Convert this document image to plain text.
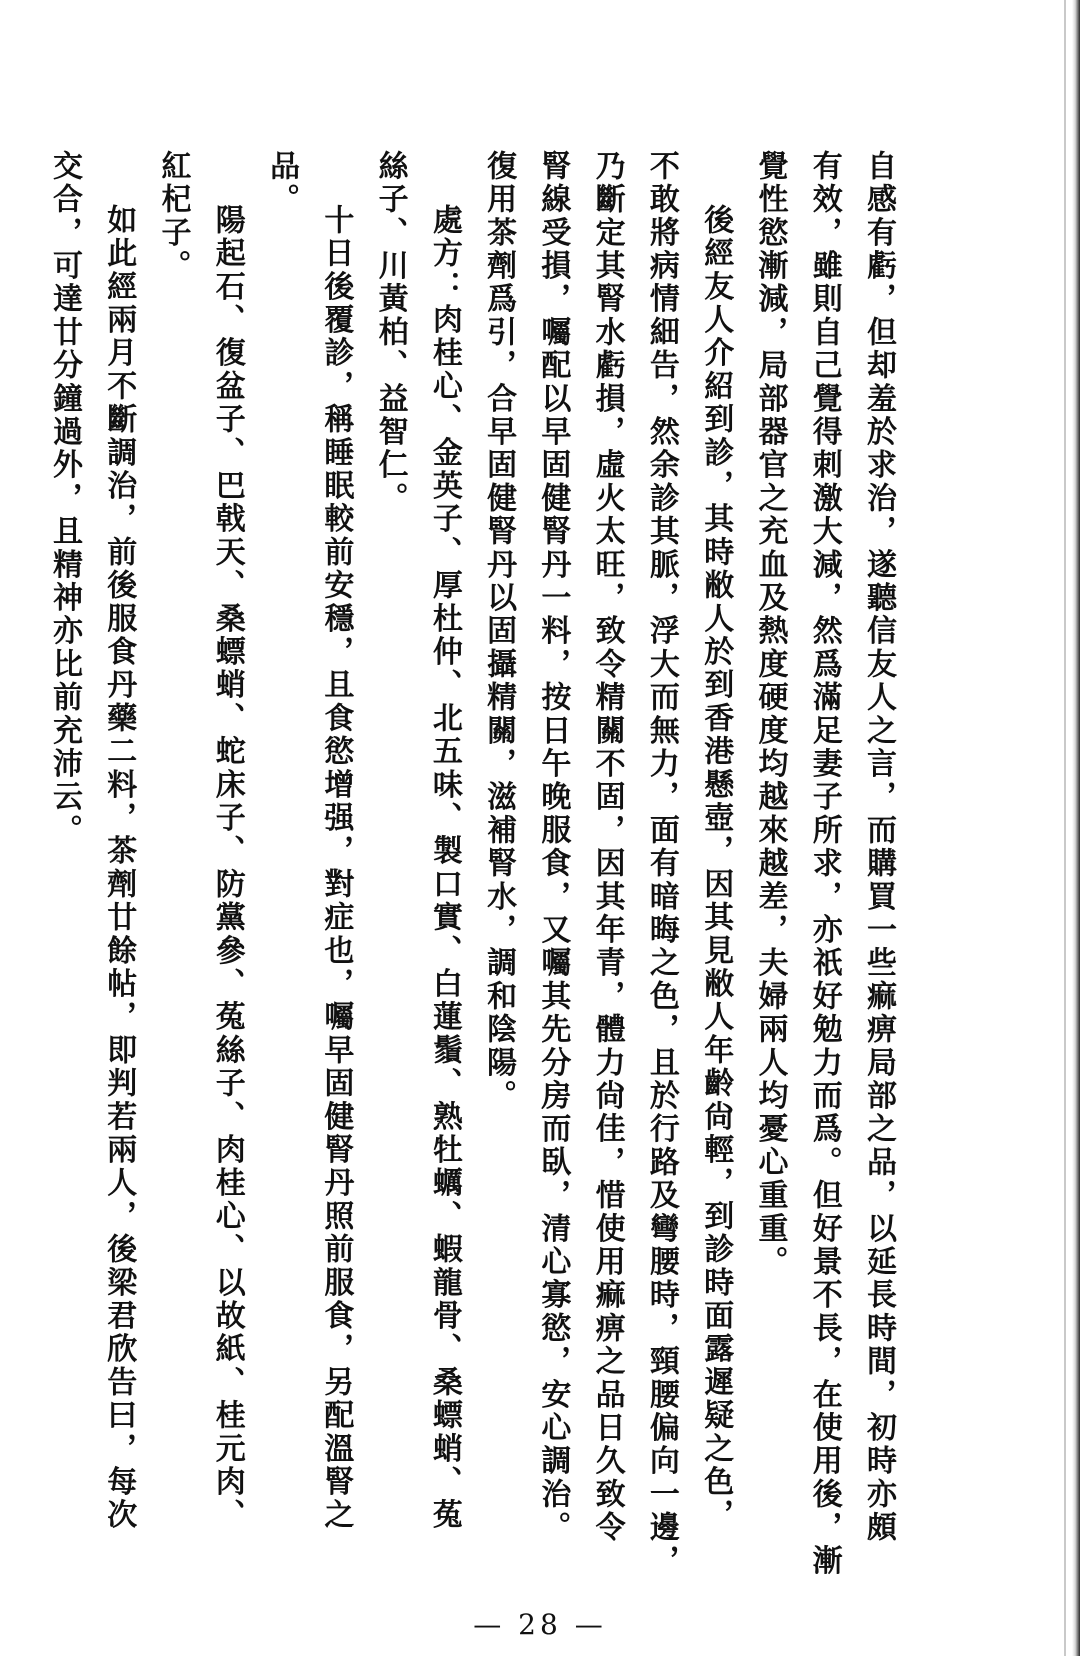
自感有虧，但却羞於求治，遂聽信友人之言，而購買一些痲痹局部之品，以延長時間，初時亦頗
有效，雖則自己覺得刺激大減，然爲滿足妻子所求，亦祇好勉力而爲。但好景不長，在使用後，漸
覺性慾漸減，局部器官之充血及熱度硬度均越來越差，夫婦兩人均憂心重重。
後經友人介紹到診，其時敝人於到香港懸壺，因其見敝人年齡尙輕，到診時面露遲疑之色，
不敢將病情細告，然余診其脈，浮大而無力，面有暗晦之色，且於行路及彎腰時，頸腰偏向一邊，
乃斷定其腎水虧損，虛火太旺，致令精關不固，因其年青，體力尙佳，惜使用痲痹之品日久致令
腎線受損，囑配以早固健腎丹一料，按日午晚服食，又囑其先分房而臥，清心寡慾，安心調治。
復用茶劑爲引，合早固健腎丹以固攝精關，滋補腎水，調和陰陽。
處方：肉桂心、金英子、厚杜仲、北五味、製口實、白蓮鬚、熟牡蠣、蝦龍骨、桑螵蛸、菟
絲子、川黃柏、益智仁。
十日後覆診，稱睡眠較前安穩，且食慾增强，對症也，囑早固健腎丹照前服食，另配溫腎之
品。
陽起石、復盆子、巴戟天、桑螵蛸、蛇床子、防黨參、菟絲子、肉桂心、以故紙、桂元肉、
紅杞子。
如此經兩月不斷調治，前後服食丹藥二料，茶劑廿餘帖，即判若兩人，後梁君欣告曰，每次
交合，可達廿分鐘過外，且精神亦比前充沛云。
— 28 —
